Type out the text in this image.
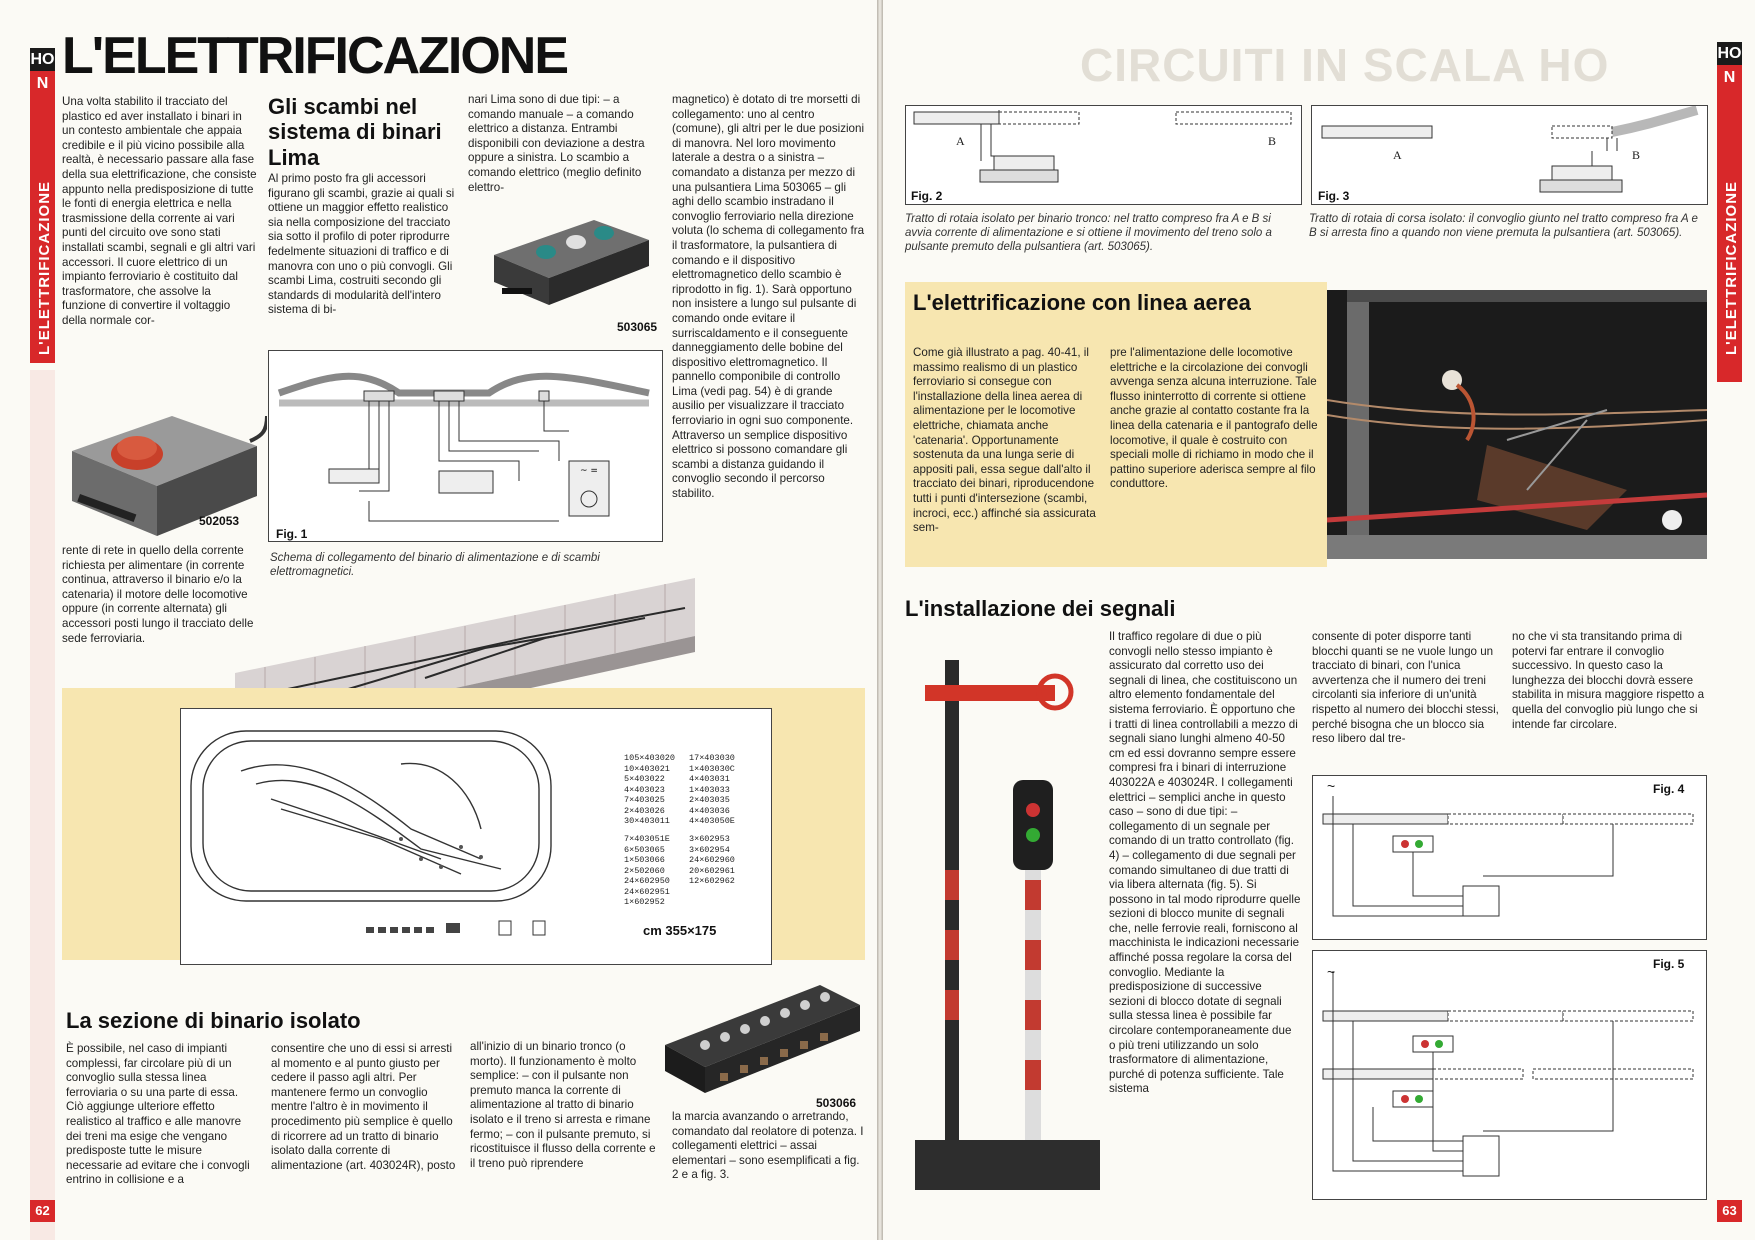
HO
N
L'ELETTRIFICAZIONE
62
L'ELETTRIFICAZIONE
Una volta stabilito il tracciato del plastico ed aver installato i binari in un contesto ambientale che appaia credibile e il più vicino possibile alla realtà, è necessario passare alla fase della sua elettrificazione, che consiste appunto nella predisposizione di tutte le fonti di energia elettrica e nella trasmissione della corrente ai vari punti del circuito ove sono stati installati scambi, segnali e gli altri vari accessori. Il cuore elettrico di un impianto ferroviario è costituito dal trasformatore, che assolve la funzione di convertire il voltaggio della normale cor-
502053
rente di rete in quello della corrente richiesta per alimentare (in corrente continua, attraverso il binario e/o la catenaria) il motore delle locomotive oppure (in corrente alternata) gli accessori posti lungo il tracciato delle sede ferroviaria.
Gli scambi nel sistema di binari Lima
Al primo posto fra gli accessori figurano gli scambi, grazie ai quali si ottiene un maggior effetto realistico sia nella composizione del tracciato sia sotto il profilo di poter riprodurre fedelmente situazioni di traffico e di manovra con uno o più convogli. Gli scambi Lima, costruiti secondo gli standards di modularità dell'intero sistema di bi-
nari Lima sono di due tipi: – a comando manuale – a comando elettrico a distanza. Entrambi disponibili con deviazione a destra oppure a sinistra. Lo scambio a comando elettrico (meglio definito elettro-
503065
magnetico) è dotato di tre morsetti di collegamento: uno al centro (comune), gli altri per le due posizioni di manovra. Nel loro movimento laterale a destra o a sinistra – comandato a distanza per mezzo di una pulsantiera Lima 503065 – gli aghi dello scambio instradano il convoglio ferroviario nella direzione voluta (lo schema di collegamento fra il trasformatore, la pulsantiera di comando e il dispositivo elettromagnetico dello scambio è riprodotto in fig. 1). Sarà opportuno non insistere a lungo sul pulsante di comando onde evitare il surriscaldamento e il conseguente danneggiamento delle bobine del dispositivo elettromagnetico. Il pannello componibile di controllo Lima (vedi pag. 54) è di grande ausilio per visualizzare il tracciato ferroviario in ogni suo componente. Attraverso un semplice dispositivo elettrico si possono comandare gli scambi a distanza guidando il convoglio secondo il percorso stabilito.
~ =
Fig. 1
Schema di collegamento del binario di alimentazione e di scambi elettromagnetici.
105×403020
10×403021
5×403022
4×403023
7×403025
2×403026
30×403011
17×403030
1×403030C
4×403031
1×403033
2×403035
4×403036
4×403050E
7×403051E
6×503065
1×503066
2×502060
24×602950
24×602951
1×602952
3×602953
3×602954
24×602960
20×602961
12×602962
cm 355×175
La sezione di binario isolato
È possibile, nel caso di impianti complessi, far circolare più di un convoglio sulla stessa linea ferroviaria o su una parte di essa. Ciò aggiunge ulteriore effetto realistico al traffico e alle manovre dei treni ma esige che vengano predisposte tutte le misure necessarie ad evitare che i convogli entrino in collisione e a
consentire che uno di essi si arresti al momento e al punto giusto per cedere il passo agli altri. Per mantenere fermo un convoglio mentre l'altro è in movimento il procedimento più semplice è quello di ricorrere ad un tratto di binario isolato dalla corrente di alimentazione (art. 403024R), posto
all'inizio di un binario tronco (o morto). Il funzionamento è molto semplice: – con il pulsante non premuto manca la corrente di alimentazione al tratto di binario isolato e il treno si arresta e rimane fermo; – con il pulsante premuto, si ricostituisce il flusso della corrente e il treno può riprendere
503066
la marcia avanzando o arretrando, comandato dal reolatore di potenza. I collegamenti elettrici – assai elementari – sono esemplificati a fig. 2 e a fig. 3.
CIRCUITI IN SCALA HO	HO
N
L'ELETTRIFICAZIONE
63
A	B
Fig. 2
Tratto di rotaia isolato per binario tronco: nel tratto compreso fra A e B si avvia corrente di alimentazione e si ottiene il movimento del treno solo a pulsante premuto della pulsantiera (art. 503065).
A	B
Fig. 3
Tratto di rotaia di corsa isolato: il convoglio giunto nel tratto compreso fra A e B si arresta fino a quando non viene premuta la pulsantiera (art. 503065).
L'elettrificazione con linea aerea
Come già illustrato a pag. 40-41, il massimo realismo di un plastico ferroviario si consegue con l'installazione della linea aerea di alimentazione per le locomotive elettriche, chiamata anche 'catenaria'. Opportunamente sostenuta da una lunga serie di appositi pali, essa segue dall'alto il tracciato dei binari, riproducendone tutti i punti d'intersezione (scambi, incroci, ecc.) affinché sia assicurata sem-
pre l'alimentazione delle locomotive elettriche e la circolazione dei convogli avvenga senza alcuna interruzione. Tale flusso ininterrotto di corrente si ottiene anche grazie al contatto costante fra la linea della catenaria e il pantografo delle locomotive, il quale è costruito con speciali molle di richiamo in modo che il pattino superiore aderisca sempre al filo conduttore.
L'installazione dei segnali
Il traffico regolare di due o più convogli nello stesso impianto è assicurato dal corretto uso dei segnali di linea, che costituiscono un altro elemento fondamentale del sistema ferroviario. È opportuno che i tratti di linea controllabili a mezzo di segnali siano lunghi almeno 40-50 cm ed essi dovranno sempre essere compresi fra i binari di interruzione 403022A e 403024R. I collegamenti elettrici – semplici anche in questo caso – sono di due tipi: – collegamento di un segnale per comando di un tratto controllato (fig. 4) – collegamento di due segnali per comando simultaneo di due tratti di via libera alternata (fig. 5). Si possono in tal modo riprodurre quelle sezioni di blocco munite di segnali che, nelle ferrovie reali, forniscono al macchinista le indicazioni necessarie affinché possa regolare la corsa del convoglio. Mediante la predisposizione di successive sezioni di blocco dotate di segnali sulla stessa linea è possibile far circolare contemporaneamente due o più treni utilizzando un solo trasformatore di alimentazione, purché di potenza sufficiente. Tale sistema
consente di poter disporre tanti blocchi quanti se ne vuole lungo un tracciato di binari, con l'unica avvertenza che il numero dei treni circolanti sia inferiore di un'unità rispetto al numero dei blocchi stessi, perché bisogna che un blocco sia reso libero dal tre-
no che vi sta transitando prima di potervi far entrare il convoglio successivo. In questo caso la lunghezza dei blocchi dovrà essere stabilita in misura maggiore rispetto a quella del convoglio più lungo che si intende far circolare.
~	Fig. 4
~	Fig. 5
